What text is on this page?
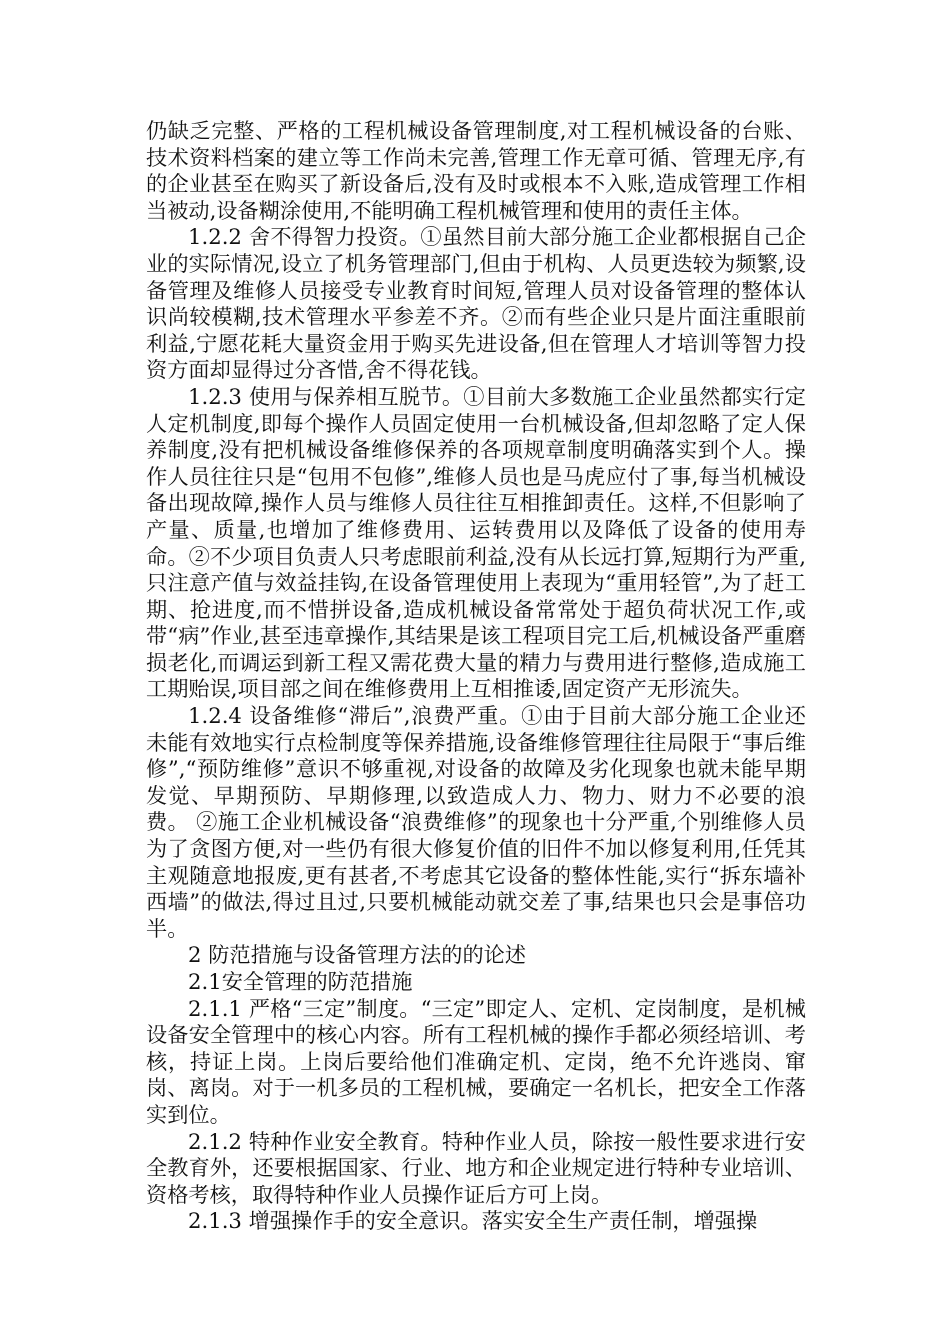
仍缺乏完整、严格的工程机械设备管理制度,对工程机械设备的台账、技术资料档案的建立等工作尚未完善,管理工作无章可循、管理无序,有的企业甚至在购买了新设备后,没有及时或根本不入账,造成管理工作相当被动,设备糊涂使用,不能明确工程机械管理和使用的责任主体。

1.2.2 舍不得智力投资。①虽然目前大部分施工企业都根据自己企业的实际情况,设立了机务管理部门,但由于机构、人员更迭较为频繁,设备管理及维修人员接受专业教育时间短,管理人员对设备管理的整体认识尚较模糊,技术管理水平参差不齐。②而有些企业只是片面注重眼前利益,宁愿花耗大量资金用于购买先进设备,但在管理人才培训等智力投资方面却显得过分吝惜,舍不得花钱。

1.2.3 使用与保养相互脱节。①目前大多数施工企业虽然都实行定人定机制度,即每个操作人员固定使用一台机械设备,但却忽略了定人保养制度,没有把机械设备维修保养的各项规章制度明确落实到个人。操作人员往往只是“包用不包修”,维修人员也是马虎应付了事,每当机械设备出现故障,操作人员与维修人员往往互相推卸责任。这样,不但影响了产量、质量,也增加了维修费用、运转费用以及降低了设备的使用寿命。②不少项目负责人只考虑眼前利益,没有从长远打算,短期行为严重,只注意产值与效益挂钩,在设备管理使用上表现为“重用轻管”,为了赶工期、抢进度,而不惜拼设备,造成机械设备常常处于超负荷状况工作,或带“病”作业,甚至违章操作,其结果是该工程项目完工后,机械设备严重磨损老化,而调运到新工程又需花费大量的精力与费用进行整修,造成施工工期贻误,项目部之间在维修费用上互相推诿,固定资产无形流失。

1.2.4 设备维修“滞后”,浪费严重。①由于目前大部分施工企业还未能有效地实行点检制度等保养措施,设备维修管理往往局限于“事后维修”,“预防维修”意识不够重视,对设备的故障及劣化现象也就未能早期发觉、早期预防、早期修理,以致造成人力、物力、财力不必要的浪费。 ②施工企业机械设备“浪费维修”的现象也十分严重,个别维修人员为了贪图方便,对一些仍有很大修复价值的旧件不加以修复利用,任凭其主观随意地报废,更有甚者,不考虑其它设备的整体性能,实行“拆东墙补西墙”的做法,得过且过,只要机械能动就交差了事,结果也只会是事倍功半。

2 防范措施与设备管理方法的的论述

2.1安全管理的防范措施

2.1.1 严格“三定”制度。“三定”即定人、定机、定岗制度，是机械设备安全管理中的核心内容。所有工程机械的操作手都必须经培训、考核，持证上岗。上岗后要给他们准确定机、定岗，绝不允许逃岗、窜岗、离岗。对于一机多员的工程机械，要确定一名机长，把安全工作落实到位。

2.1.2 特种作业安全教育。特种作业人员，除按一般性要求进行安全教育外，还要根据国家、行业、地方和企业规定进行特种专业培训、资格考核，取得特种作业人员操作证后方可上岗。

2.1.3 增强操作手的安全意识。落实安全生产责任制，增强操
